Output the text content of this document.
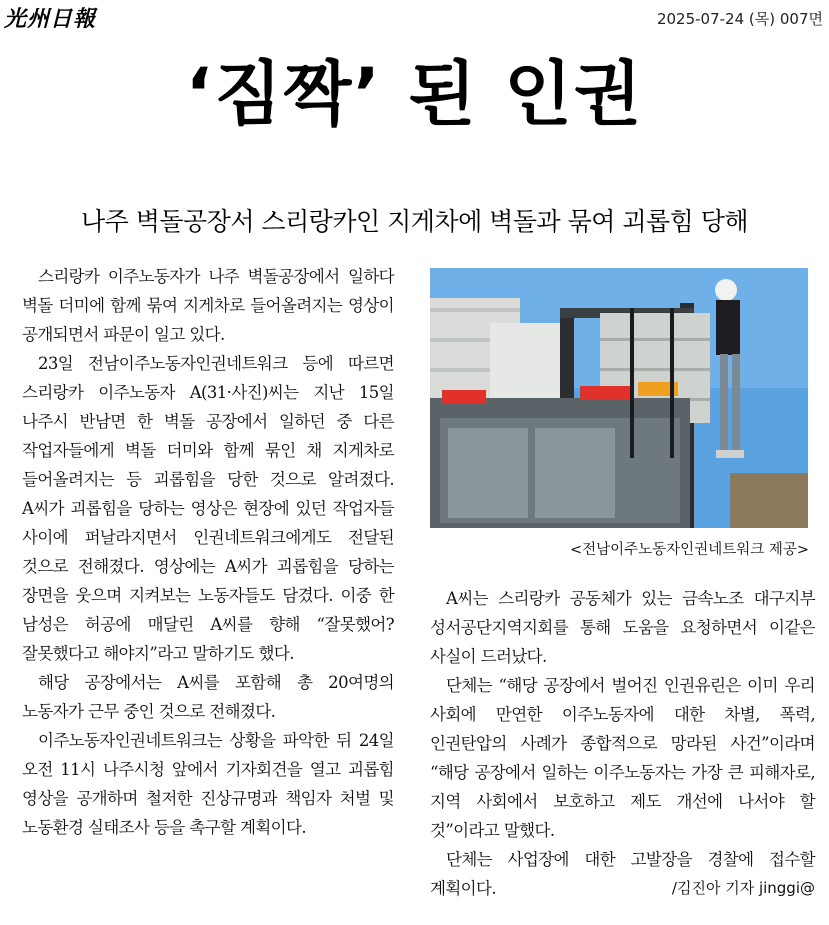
光州日報	2025-07-24 (목) 007면
‘짐짝’ 된 인권
나주 벽돌공장서 스리랑카인 지게차에 벽돌과 묶여 괴롭힘 당해

스리랑카 이주노동자가 나주 벽돌공장에서 일하다 벽돌 더미에 함께 묶여 지게차로 들어올려지는 영상이 공개되면서 파문이 일고 있다.

23일 전남이주노동자인권네트워크 등에 따르면 스리랑카 이주노동자 A(31·사진)씨는 지난 15일 나주시 반남면 한 벽돌 공장에서 일하던 중 다른 작업자들에게 벽돌 더미와 함께 묶인 채 지게차로 들어올려지는 등 괴롭힘을 당한 것으로 알려졌다. A씨가 괴롭힘을 당하는 영상은 현장에 있던 작업자들 사이에 퍼날라지면서 인권네트워크에게도 전달된 것으로 전해졌다. 영상에는 A씨가 괴롭힘을 당하는 장면을 웃으며 지켜보는 노동자들도 담겼다. 이중 한 남성은 허공에 매달린 A씨를 향해 “잘못했어? 잘못했다고 해야지”라고 말하기도 했다.

해당 공장에서는 A씨를 포함해 총 20여명의 노동자가 근무 중인 것으로 전해졌다.

이주노동자인권네트워크는 상황을 파악한 뒤 24일 오전 11시 나주시청 앞에서 기자회견을 열고 괴롭힘 영상을 공개하며 철저한 진상규명과 책임자 처벌 및 노동환경 실태조사 등을 촉구할 계획이다.

<전남이주노동자인권네트워크 제공>

A씨는 스리랑카 공동체가 있는 금속노조 대구지부 성서공단지역지회를 통해 도움을 요청하면서 이같은 사실이 드러났다.

단체는 “해당 공장에서 벌어진 인권유린은 이미 우리 사회에 만연한 이주노동자에 대한 차별, 폭력, 인권탄압의 사례가 종합적으로 망라된 사건”이라며 “해당 공장에서 일하는 이주노동자는 가장 큰 피해자로, 지역 사회에서 보호하고 제도 개선에 나서야 할 것”이라고 말했다.

단체는 사업장에 대한 고발장을 경찰에 접수할 계획이다.	/김진아 기자 jinggi@
